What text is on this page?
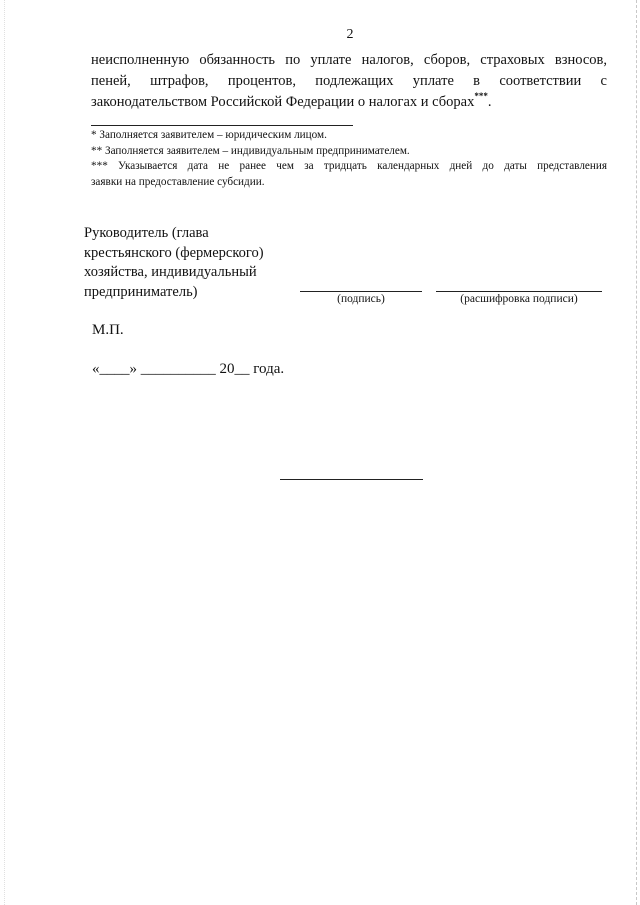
2
неисполненную обязанность по уплате налогов, сборов, страховых взносов,
пеней, штрафов, процентов, подлежащих уплате в соответствии с
законодательством Российской Федерации о налогах и сборах***.
* Заполняется заявителем – юридическим лицом.
** Заполняется заявителем – индивидуальным предпринимателем.
*** Указывается дата не ранее чем за тридцать календарных дней до даты представления
заявки на предоставление субсидии.
Руководитель (глава
крестьянского (фермерского)
хозяйства, индивидуальный
предприниматель)	(подпись)	(расшифровка подписи)
М.П.
«____» __________ 20__ года.
